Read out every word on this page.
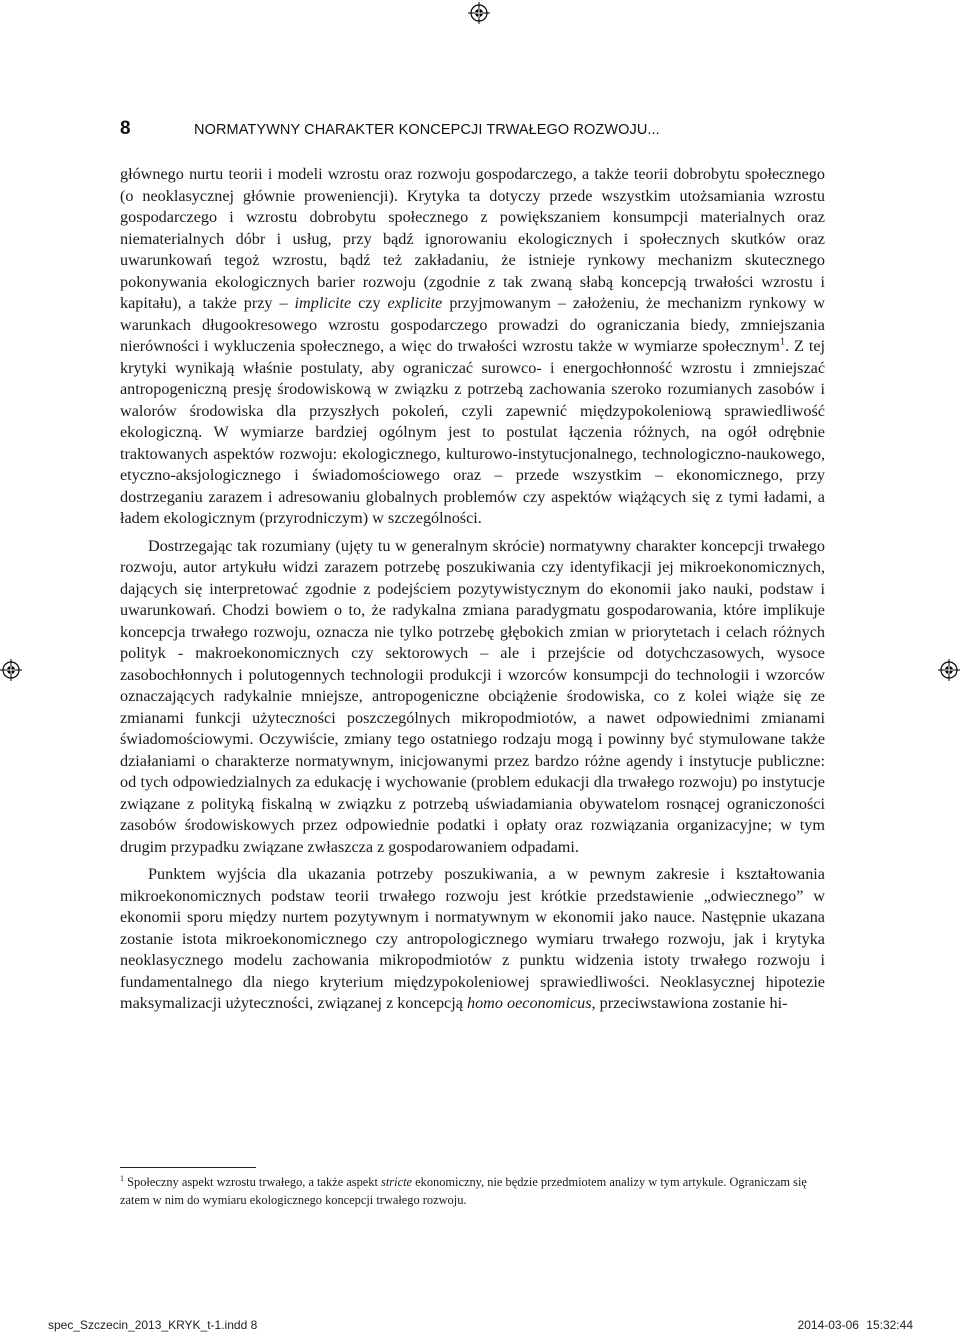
8	NORMATYWNY CHARAKTER KONCEPCJI TRWAŁEGO ROZWOJU...

głównego nurtu teorii i modeli wzrostu oraz rozwoju gospodarczego, a także teorii dobrobytu społecznego (o neoklasycznej głównie proweniencji). Krytyka ta dotyczy przede wszystkim utożsamiania wzrostu gospodarczego i wzrostu dobrobytu społecznego z powiększaniem konsumpcji materialnych oraz niematerialnych dóbr i usług, przy bądź ignorowaniu ekologicznych i społecznych skutków oraz uwarunkowań tegoż wzrostu, bądź też zakładaniu, że istnieje rynkowy mechanizm skutecznego pokonywania ekologicznych barier rozwoju (zgodnie z tak zwaną słabą koncepcją trwałości wzrostu i kapitału), a także przy – implicite czy explicite przyjmowanym – założeniu, że mechanizm rynkowy w warunkach długookresowego wzrostu gospodarczego prowadzi do ograniczania biedy, zmniejszania nierówności i wykluczenia społecznego, a więc do trwałości wzrostu także w wymiarze społecznym$^1$. Z tej krytyki wynikają właśnie postulaty, aby ograniczać surowco- i energochłonność wzrostu i zmniejszać antropogeniczną presję środowiskową w związku z potrzebą zachowania szeroko rozumianych zasobów i walorów środowiska dla przyszłych pokoleń, czyli zapewnić międzypokoleniową sprawiedliwość ekologiczną. W wymiarze bardziej ogólnym jest to postulat łączenia różnych, na ogół odrębnie traktowanych aspektów rozwoju: ekologicznego, kulturowo-instytucjonalnego, technologiczno-naukowego, etyczno-aksjologicznego i świadomościowego oraz – przede wszystkim – ekonomicznego, przy dostrzeganiu zarazem i adresowaniu globalnych problemów czy aspektów wiążących się z tymi ładami, a ładem ekologicznym (przyrodniczym) w szczególności.

Dostrzegając tak rozumiany (ujęty tu w generalnym skrócie) normatywny charakter koncepcji trwałego rozwoju, autor artykułu widzi zarazem potrzebę poszukiwania czy identyfikacji jej mikroekonomicznych, dających się interpretować zgodnie z podejściem pozytywistycznym do ekonomii jako nauki, podstaw i uwarunkowań. Chodzi bowiem o to, że radykalna zmiana paradygmatu gospodarowania, które implikuje koncepcja trwałego rozwoju, oznacza nie tylko potrzebę głębokich zmian w priorytetach i celach różnych polityk - makroekonomicznych czy sektorowych – ale i przejście od dotychczasowych, wysoce zasobochłonnych i polutogennych technologii produkcji i wzorców konsumpcji do technologii i wzorców oznaczających radykalnie mniejsze, antropogeniczne obciążenie środowiska, co z kolei wiąże się ze zmianami funkcji użyteczności poszczególnych mikropodmiotów, a nawet odpowiednimi zmianami świadomościowymi. Oczywiście, zmiany tego ostatniego rodzaju mogą i powinny być stymulowane także działaniami o charakterze normatywnym, inicjowanymi przez bardzo różne agendy i instytucje publiczne: od tych odpowiedzialnych za edukację i wychowanie (problem edukacji dla trwałego rozwoju) po instytucje związane z polityką fiskalną w związku z potrzebą uświadamiania obywatelom rosnącej ograniczoności zasobów środowiskowych przez odpowiednie podatki i opłaty oraz rozwiązania organizacyjne; w tym drugim przypadku związane zwłaszcza z gospodarowaniem odpadami.

Punktem wyjścia dla ukazania potrzeby poszukiwania, a w pewnym zakresie i kształtowania mikroekonomicznych podstaw teorii trwałego rozwoju jest krótkie przedstawienie „odwiecznego” w ekonomii sporu między nurtem pozytywnym i normatywnym w ekonomii jako nauce. Następnie ukazana zostanie istota mikroekonomicznego czy antropologicznego wymiaru trwałego rozwoju, jak i krytyka neoklasycznego modelu zachowania mikropodmiotów z punktu widzenia istoty trwałego rozwoju i fundamentalnego dla niego kryterium międzypokoleniowej sprawiedliwości. Neoklasycznej hipotezie maksymalizacji użyteczności, związanej z koncepcją homo oeconomicus, przeciwstawiona zostanie hi-

$^1$ Społeczny aspekt wzrostu trwałego, a także aspekt stricte ekonomiczny, nie będzie przedmiotem analizy w tym artykule. Ograniczam się zatem w nim do wymiaru ekologicznego koncepcji trwałego rozwoju.
spec_Szczecin_2013_KRYK_t-1.indd 8	2014-03-06 15:32:44
